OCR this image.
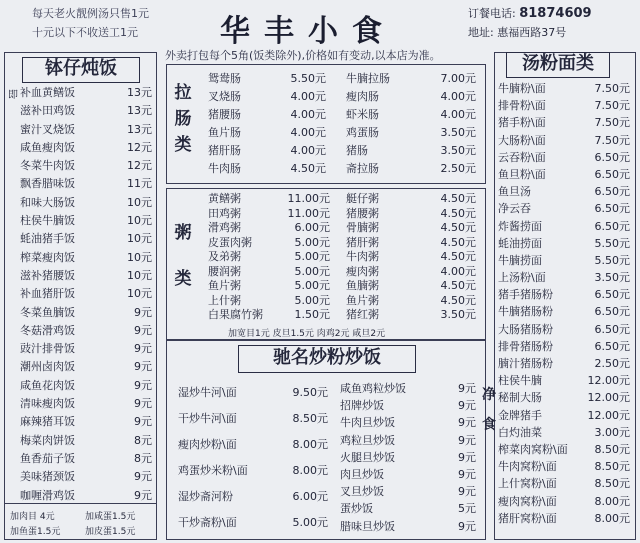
每天老火靓例汤只售1元
十元以下不收送工1元	华丰小食
订餐电话: 81874609
地址: 惠福西路37号
外卖打包每个5角(饭类除外),价格如有变动,以本店为准。
钵仔炖饭
即 补血黄鳝饭	13元
滋补田鸡饭	13元
蜜汁叉烧饭	13元
咸鱼瘦肉饭	12元
冬菜牛肉饭	12元
飘香腊味饭	11元
和味大肠饭	10元
柱侯牛腩饭	10元
蚝油猪手饭	10元
榨菜瘦肉饭	10元
滋补猪腰饭	10元
补血猪肝饭	10元
冬菜鱼腩饭	9元
冬菇滑鸡饭	9元
豉汁排骨饭	9元
潮州卤肉饭	9元
咸鱼花肉饭	9元
清味瘦肉饭	9元
麻辣猪耳饭	9元
梅菜肉饼饭	8元
鱼香茄子饭	8元
美味猪颈饭	9元
咖喱滑鸡饭	9元
加肉目 4元	加咸蛋1.5元
加鱼蛋1.5元	加皮蛋1.5元
拉肠类
鸳鸯肠	5.50元
叉烧肠	4.00元
猪腰肠	4.00元
鱼片肠	4.00元
猪肝肠	4.00元
牛肉肠	4.50元
牛腩拉肠	7.00元
瘦肉肠	4.00元
虾米肠	4.00元
鸡蛋肠	3.50元
猪肠	3.50元
斋拉肠	2.50元
粥类
黄鳝粥	11.00元
田鸡粥	11.00元
滑鸡粥	6.00元
皮蛋肉粥	5.00元
及弟粥	5.00元
腰润粥	5.00元
鱼片粥	5.00元
上什粥	5.00元
白果腐竹粥	1.50元
艇仔粥	4.50元
猪腰粥	4.50元
骨腩粥	4.50元
猪肝粥	4.50元
牛肉粥	4.50元
瘦肉粥	4.00元
鱼腩粥	4.50元
鱼片粥	4.50元
猪红粥	3.50元
加宽目1元 皮旦1.5元 肉鸡2元 咸旦2元
驰名炒粉炒饭
湿炒牛河\面	9.50元
干炒牛河\面	8.50元
瘦肉炒粉\面	8.00元
鸡蛋炒米粉\面	8.00元
湿炒斋河粉	6.00元
干炒斋粉\面	5.00元
咸鱼鸡粒炒饭	9元
招牌炒饭	9元
牛肉旦炒饭	9元
鸡粒旦炒饭	9元
火腿旦炒饭	9元
肉旦炒饭	9元
叉旦炒饭	9元
蛋炒饭	5元
腊味旦炒饭	9元
汤粉面类
净
食
牛腩粉\面	7.50元
排骨粉\面	7.50元
猪手粉\面	7.50元
大肠粉\面	7.50元
云吞粉\面	6.50元
鱼旦粉\面	6.50元
鱼旦汤	6.50元
净云吞	6.50元
炸酱捞面	6.50元
蚝油捞面	5.50元
牛腩捞面	5.50元
上汤粉\面	3.50元
猪手猪肠粉	6.50元
牛腩猪肠粉	6.50元
大肠猪肠粉	6.50元
排骨猪肠粉	6.50元
腩汁猪肠粉	2.50元
柱侯牛腩	12.00元
秘制大肠	12.00元
金牌猪手	12.00元
白灼油菜	3.00元
榨菜肉窝粉\面 8.50元
牛肉窝粉\面	8.50元
上什窝粉\面	8.50元
瘦肉窝粉\面	8.00元
猪肝窝粉\面	8.00元
